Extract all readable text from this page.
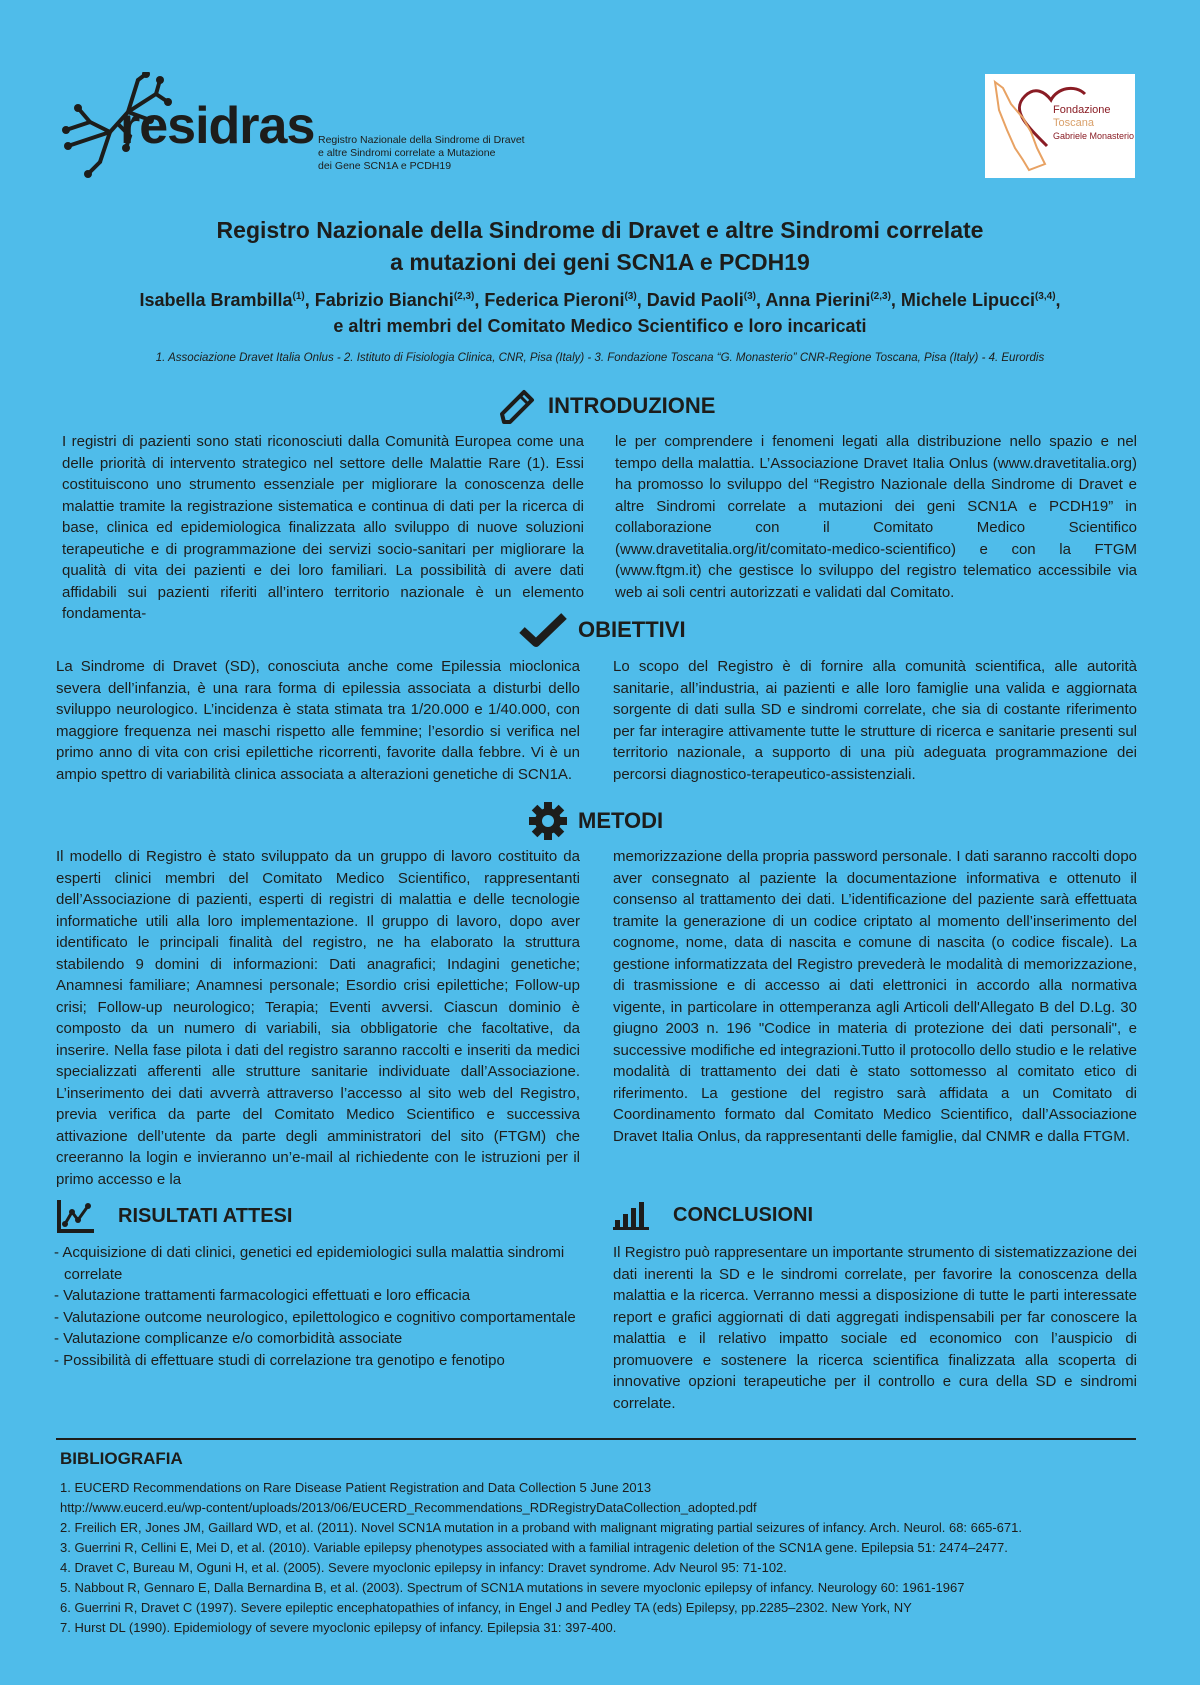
residras Registro Nazionale della Sindrome di Dravet
e altre Sindromi correlate a Mutazione
dei Gene SCN1A e PCDH19
Fondazione
Toscana
Gabriele Monasterio
Registro Nazionale della Sindrome di Dravet e altre Sindromi correlate
a mutazioni dei geni SCN1A e PCDH19
Isabella Brambilla$^{(1)}$, Fabrizio Bianchi$^{(2,3)}$, Federica Pieroni$^{(3)}$, David Paoli$^{(3)}$, Anna Pierini$^{(2,3)}$, Michele Lipucci$^{(3,4)}$,
e altri membri del Comitato Medico Scientifico e loro incaricati
1. Associazione Dravet Italia Onlus - 2. Istituto di Fisiologia Clinica, CNR, Pisa (Italy) - 3. Fondazione Toscana “G. Monasterio” CNR-Regione Toscana, Pisa (Italy) - 4. Eurordis
INTRODUZIONE
I registri di pazienti sono stati riconosciuti dalla Comunità Europea come una delle priorità di intervento strategico nel settore delle Malattie Rare (1). Essi costituiscono uno strumento essenziale per migliorare la conoscenza delle malattie tramite la registrazione sistematica e continua di dati per la ricerca di base, clinica ed epidemiologica finalizzata allo sviluppo di nuove soluzioni terapeutiche e di programmazione dei servizi socio-sanitari per migliorare la qualità di vita dei pazienti e dei loro familiari. La possibilità di avere dati affidabili sui pazienti riferiti all’intero territorio nazionale è un elemento fondamenta-
le per comprendere i fenomeni legati alla distribuzione nello spazio e nel tempo della malattia. L’Associazione Dravet Italia Onlus (www.dravetitalia.org) ha promosso lo sviluppo del “Registro Nazionale della Sindrome di Dravet e altre Sindromi correlate a mutazioni dei geni SCN1A e PCDH19” in collaborazione con il Comitato Medico Scientifico (www.dravetitalia.org/it/comitato-medico-scientifico) e con la FTGM (www.ftgm.it) che gestisce lo sviluppo del registro telematico accessibile via web ai soli centri autorizzati e validati dal Comitato.
OBIETTIVI
La Sindrome di Dravet (SD), conosciuta anche come Epilessia mioclonica severa dell’infanzia, è una rara forma di epilessia associata a disturbi dello sviluppo neurologico. L’incidenza è stata stimata tra 1/20.000 e 1/40.000, con maggiore frequenza nei maschi rispetto alle femmine; l’esordio si verifica nel primo anno di vita con crisi epilettiche ricorrenti, favorite dalla febbre. Vi è un ampio spettro di variabilità clinica associata a alterazioni genetiche di SCN1A.
Lo scopo del Registro è di fornire alla comunità scientifica, alle autorità sanitarie, all’industria, ai pazienti e alle loro famiglie una valida e aggiornata sorgente di dati sulla SD e sindromi correlate, che sia di costante riferimento per far interagire attivamente tutte le strutture di ricerca e sanitarie presenti sul territorio nazionale, a supporto di una più adeguata programmazione dei percorsi diagnostico-terapeutico-assistenziali.
METODI
Il modello di Registro è stato sviluppato da un gruppo di lavoro costituito da esperti clinici membri del Comitato Medico Scientifico, rappresentanti dell’Associazione di pazienti, esperti di registri di malattia e delle tecnologie informatiche utili alla loro implementazione. Il gruppo di lavoro, dopo aver identificato le principali finalità del registro, ne ha elaborato la struttura stabilendo 9 domini di informazioni: Dati anagrafici; Indagini genetiche; Anamnesi familiare; Anamnesi personale; Esordio crisi epilettiche; Follow-up crisi; Follow-up neurologico; Terapia; Eventi avversi. Ciascun dominio è composto da un numero di variabili, sia obbligatorie che facoltative, da inserire. Nella fase pilota i dati del registro saranno raccolti e inseriti da medici specializzati afferenti alle strutture sanitarie individuate dall’Associazione. L’inserimento dei dati avverrà attraverso l’accesso al sito web del Registro, previa verifica da parte del Comitato Medico Scientifico e successiva attivazione dell’utente da parte degli amministratori del sito (FTGM) che creeranno la login e invieranno un’e-mail al richiedente con le istruzioni per il primo accesso e la
memorizzazione della propria password personale. I dati saranno raccolti dopo aver consegnato al paziente la documentazione informativa e ottenuto il consenso al trattamento dei dati. L’identificazione del paziente sarà effettuata tramite la generazione di un codice criptato al momento dell’inserimento del cognome, nome, data di nascita e comune di nascita (o codice fiscale). La gestione informatizzata del Registro prevederà le modalità di memorizzazione, di trasmissione e di accesso ai dati elettronici in accordo alla normativa vigente, in particolare in ottemperanza agli Articoli dell'Allegato B del D.Lg. 30 giugno 2003 n. 196 "Codice in materia di protezione dei dati personali", e successive modifiche ed integrazioni.Tutto il protocollo dello studio e le relative modalità di trattamento dei dati è stato sottomesso al comitato etico di riferimento. La gestione del registro sarà affidata a un Comitato di Coordinamento formato dal Comitato Medico Scientifico, dall’Associazione Dravet Italia Onlus, da rappresentanti delle famiglie, dal CNMR e dalla FTGM.
RISULTATI ATTESI
- Acquisizione di dati clinici, genetici ed epidemiologici sulla malattia sindromi correlate
- Valutazione trattamenti farmacologici effettuati e loro efficacia
- Valutazione outcome neurologico, epilettologico e cognitivo comportamentale
- Valutazione complicanze e/o comorbidità associate
- Possibilità di effettuare studi di correlazione tra genotipo e fenotipo
CONCLUSIONI
Il Registro può rappresentare un importante strumento di sistematizzazione dei dati inerenti la SD e le sindromi correlate, per favorire la conoscenza della malattia e la ricerca. Verranno messi a disposizione di tutte le parti interessate report e grafici aggiornati di dati aggregati indispensabili per far conoscere la malattia e il relativo impatto sociale ed economico con l’auspicio di promuovere e sostenere la ricerca scientifica finalizzata alla scoperta di innovative opzioni terapeutiche per il controllo e cura della SD e sindromi correlate.
BIBLIOGRAFIA
1. EUCERD Recommendations on Rare Disease Patient Registration and Data Collection 5 June 2013
http://www.eucerd.eu/wp-content/uploads/2013/06/EUCERD_Recommendations_RDRegistryDataCollection_adopted.pdf
2. Freilich ER, Jones JM, Gaillard WD, et al. (2011). Novel SCN1A mutation in a proband with malignant migrating partial seizures of infancy. Arch. Neurol. 68: 665-671.
3. Guerrini R, Cellini E, Mei D, et al. (2010). Variable epilepsy phenotypes associated with a familial intragenic deletion of the SCN1A gene. Epilepsia 51: 2474–2477.
4. Dravet C, Bureau M, Oguni H, et al. (2005). Severe myoclonic epilepsy in infancy: Dravet syndrome. Adv Neurol 95: 71-102.
5. Nabbout R, Gennaro E, Dalla Bernardina B, et al. (2003). Spectrum of SCN1A mutations in severe myoclonic epilepsy of infancy. Neurology 60: 1961-1967
6. Guerrini R, Dravet C (1997). Severe epileptic encephatopathies of infancy, in Engel J and Pedley TA (eds) Epilepsy, pp.2285–2302. New York, NY
7. Hurst DL (1990). Epidemiology of severe myoclonic epilepsy of infancy. Epilepsia 31: 397-400.
